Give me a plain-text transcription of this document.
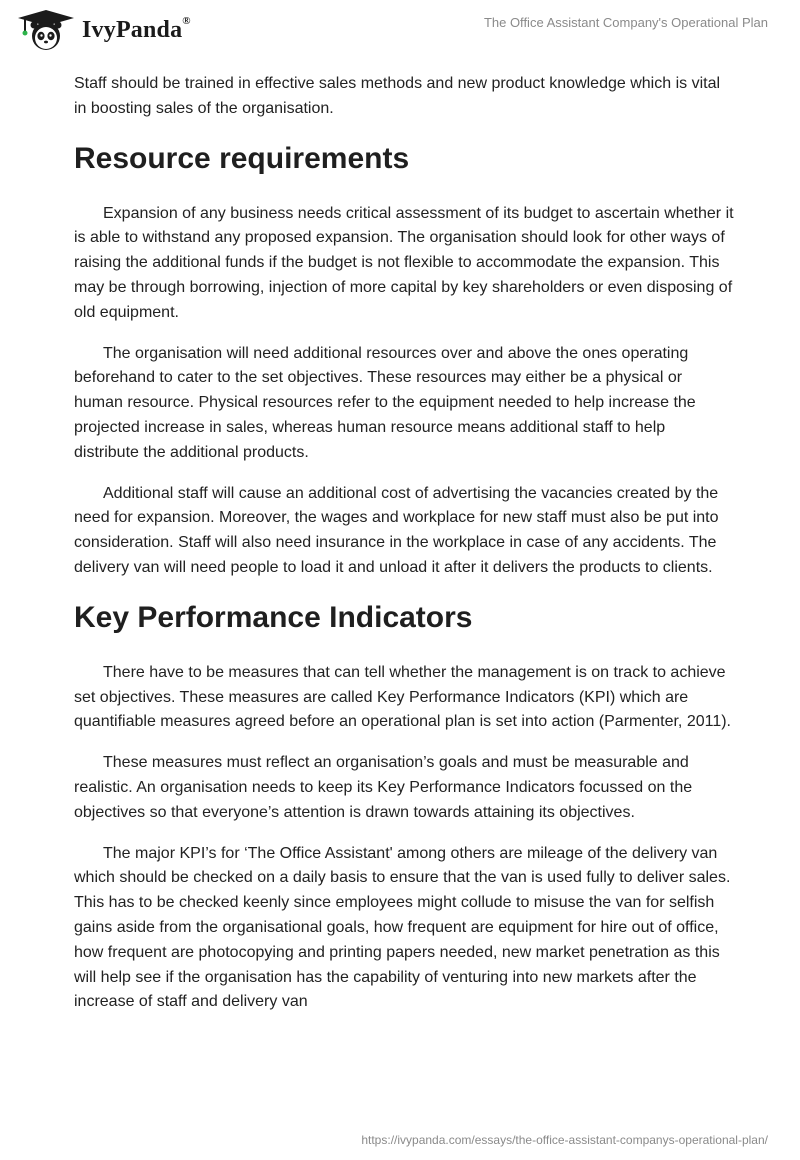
IvyPanda®	The Office Assistant Company's Operational Plan

Staff should be trained in effective sales methods and new product knowledge which is vital in boosting sales of the organisation.

Resource requirements

Expansion of any business needs critical assessment of its budget to ascertain whether it is able to withstand any proposed expansion. The organisation should look for other ways of raising the additional funds if the budget is not flexible to accommodate the expansion. This may be through borrowing, injection of more capital by key shareholders or even disposing of old equipment.

The organisation will need additional resources over and above the ones operating beforehand to cater to the set objectives. These resources may either be a physical or human resource. Physical resources refer to the equipment needed to help increase the projected increase in sales, whereas human resource means additional staff to help distribute the additional products.

Additional staff will cause an additional cost of advertising the vacancies created by the need for expansion. Moreover, the wages and workplace for new staff must also be put into consideration. Staff will also need insurance in the workplace in case of any accidents. The delivery van will need people to load it and unload it after it delivers the products to clients.

Key Performance Indicators

There have to be measures that can tell whether the management is on track to achieve set objectives. These measures are called Key Performance Indicators (KPI) which are quantifiable measures agreed before an operational plan is set into action (Parmenter, 2011).

These measures must reflect an organisation’s goals and must be measurable and realistic. An organisation needs to keep its Key Performance Indicators focussed on the objectives so that everyone’s attention is drawn towards attaining its objectives.

The major KPI’s for ‘The Office Assistant' among others are mileage of the delivery van which should be checked on a daily basis to ensure that the van is used fully to deliver sales. This has to be checked keenly since employees might collude to misuse the van for selfish gains aside from the organisational goals, how frequent are equipment for hire out of office, how frequent are photocopying and printing papers needed, new market penetration as this will help see if the organisation has the capability of venturing into new markets after the increase of staff and delivery van

https://ivypanda.com/essays/the-office-assistant-companys-operational-plan/
